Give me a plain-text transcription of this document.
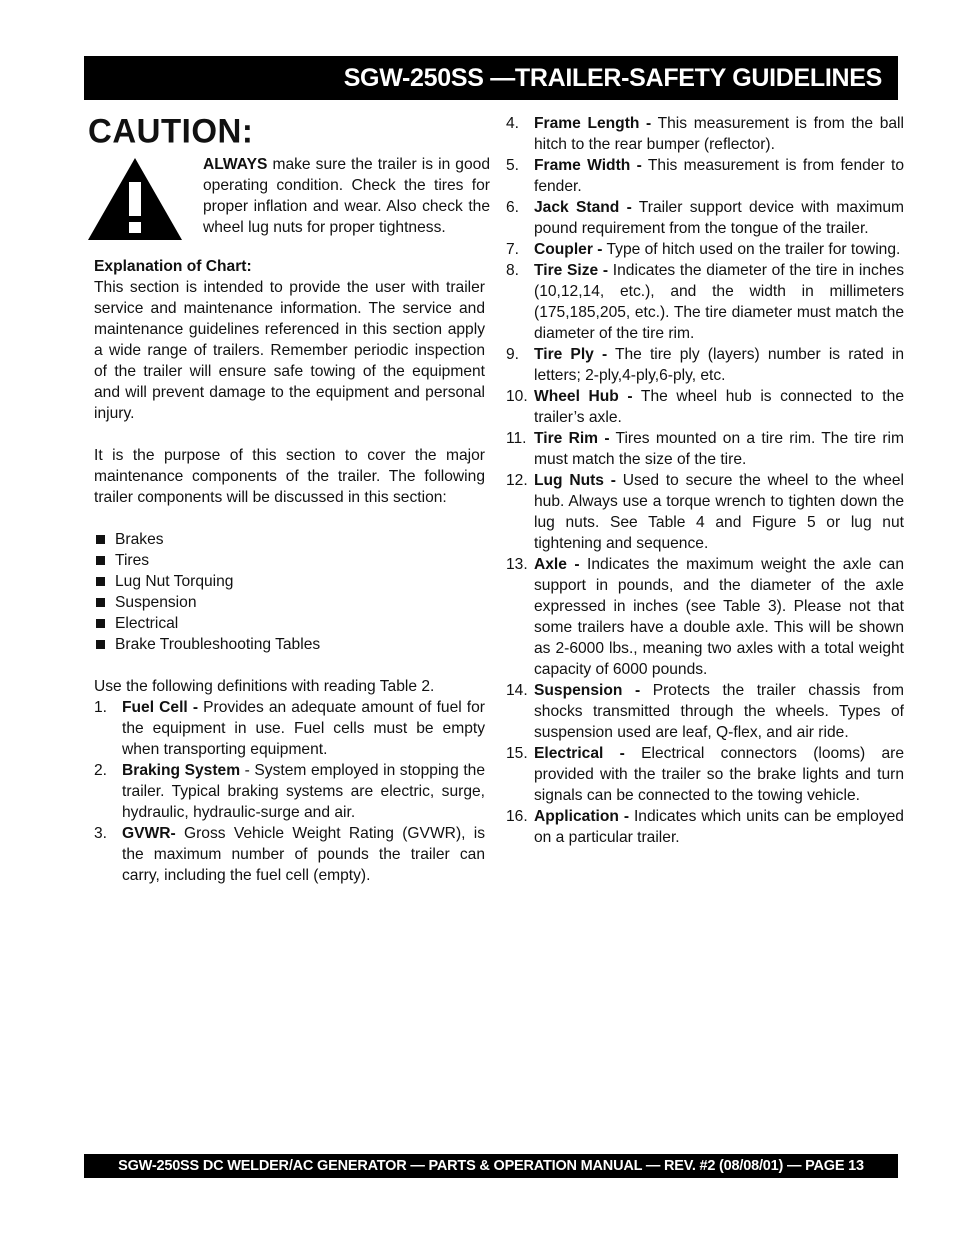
SGW-250SS —TRAILER-SAFETY GUIDELINES
CAUTION:
ALWAYS make sure the trailer is in good operating condition. Check the tires for proper inflation and wear. Also check the wheel lug nuts for proper tightness.

Explanation of Chart:

This section is intended to provide the user with trailer service and maintenance information. The service and maintenance guidelines referenced in this section apply a wide range of trailers. Remember periodic inspection of the trailer will ensure safe towing of the equipment and will prevent damage to the equipment and personal injury.

It is the purpose of this section to cover the major maintenance components of the trailer. The following trailer components will be discussed in this section:

Brakes
Tires
Lug Nut Torquing
Suspension
Electrical
Brake Troubleshooting Tables

Use the following definitions with reading Table 2.

1. Fuel Cell - Provides an adequate amount of fuel for the equipment in use. Fuel cells must be empty when transporting equipment.
2. Braking System - System employed in stopping the trailer. Typical braking systems are electric, surge, hydraulic, hydraulic-surge and air.
3. GVWR- Gross Vehicle Weight Rating (GVWR), is the maximum number of pounds the trailer can carry, including the fuel cell (empty).
4. Frame Length - This measurement is from the ball hitch to the rear bumper (reflector).
5. Frame Width - This measurement is from fender to fender.
6. Jack Stand - Trailer support device with maximum pound requirement from the tongue of the trailer.
7. Coupler - Type of hitch used on the trailer for towing.
8. Tire Size - Indicates the diameter of the tire in inches (10,12,14, etc.), and the width in millimeters (175,185,205, etc.). The tire diameter must match the diameter of the tire rim.
9. Tire Ply - The tire ply (layers) number is rated in letters; 2-ply,4-ply,6-ply, etc.
10. Wheel Hub - The wheel hub is connected to the trailer’s axle.
11. Tire Rim - Tires mounted on a tire rim. The tire rim must match the size of the tire.
12. Lug Nuts - Used to secure the wheel to the wheel hub. Always use a torque wrench to tighten down the lug nuts. See Table 4 and Figure 5 or lug nut tightening and sequence.
13. Axle - Indicates the maximum weight the axle can support in pounds, and the diameter of the axle expressed in inches (see Table 3). Please not that some trailers have a double axle. This will be shown as 2-6000 lbs., meaning two axles with a total weight capacity of 6000 pounds.
14. Suspension - Protects the trailer chassis from shocks transmitted through the wheels. Types of suspension used are leaf, Q-flex, and air ride.
15. Electrical - Electrical connectors (looms) are provided with the trailer so the brake lights and turn signals can be connected to the towing vehicle.
16. Application - Indicates which units can be employed on a particular trailer.
SGW-250SS DC WELDER/AC GENERATOR — PARTS & OPERATION MANUAL — REV. #2 (08/08/01) — PAGE 13
